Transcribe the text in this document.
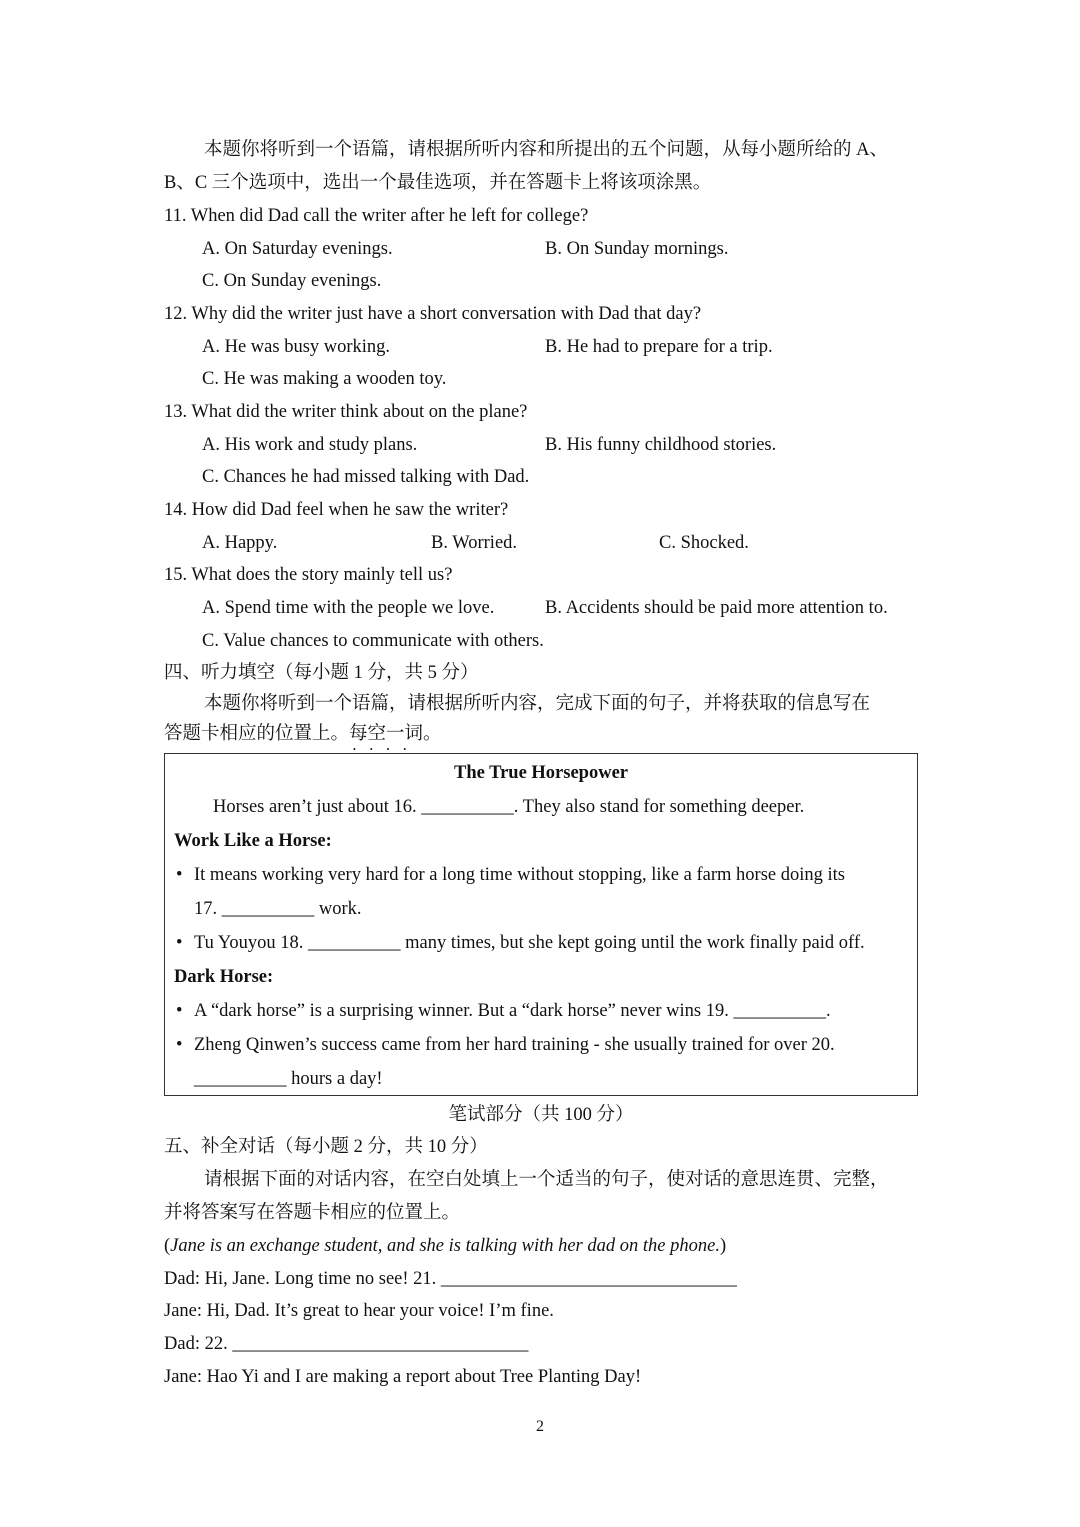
本题你将听到一个语篇，请根据所听内容和所提出的五个问题，从每小题所给的 A、
B、C 三个选项中，选出一个最佳选项，并在答题卡上将该项涂黑。
11. When did Dad call the writer after he left for college?
A. On Saturday evenings.	B. On Sunday mornings.
C. On Sunday evenings.
12. Why did the writer just have a short conversation with Dad that day?
A. He was busy working.	B. He had to prepare for a trip.
C. He was making a wooden toy.
13. What did the writer think about on the plane?
A. His work and study plans.	B. His funny childhood stories.
C. Chances he had missed talking with Dad.
14. How did Dad feel when he saw the writer?
A. Happy.	B. Worried.	C. Shocked.
15. What does the story mainly tell us?
A. Spend time with the people we love.	B. Accidents should be paid more attention to.
C. Value chances to communicate with others.
四、听力填空（每小题 1 分，共 5 分）
本题你将听到一个语篇，请根据所听内容，完成下面的句子，并将获取的信息写在
答题卡相应的位置上。每空一词 • • • •。
The True Horsepower
Horses aren’t just about 16. __________. They also stand for something deeper.
Work Like a Horse:
• It means working very hard for a long time without stopping, like a farm horse doing its
17. __________ work.
• Tu Youyou 18. __________ many times, but she kept going until the work finally paid off.
Dark Horse:
• A “dark horse” is a surprising winner. But a “dark horse” never wins 19. __________.
• Zheng Qinwen’s success came from her hard training - she usually trained for over 20.
__________ hours a day!
笔试部分（共 100 分）
五、补全对话（每小题 2 分，共 10 分）
请根据下面的对话内容，在空白处填上一个适当的句子，使对话的意思连贯、完整，
并将答案写在答题卡相应的位置上。
(Jane is an exchange student, and she is talking with her dad on the phone.)
Dad: Hi, Jane. Long time no see! 21. ________________________________
Jane: Hi, Dad. It’s great to hear your voice! I’m fine.
Dad: 22. ________________________________
Jane: Hao Yi and I are making a report about Tree Planting Day!
2
